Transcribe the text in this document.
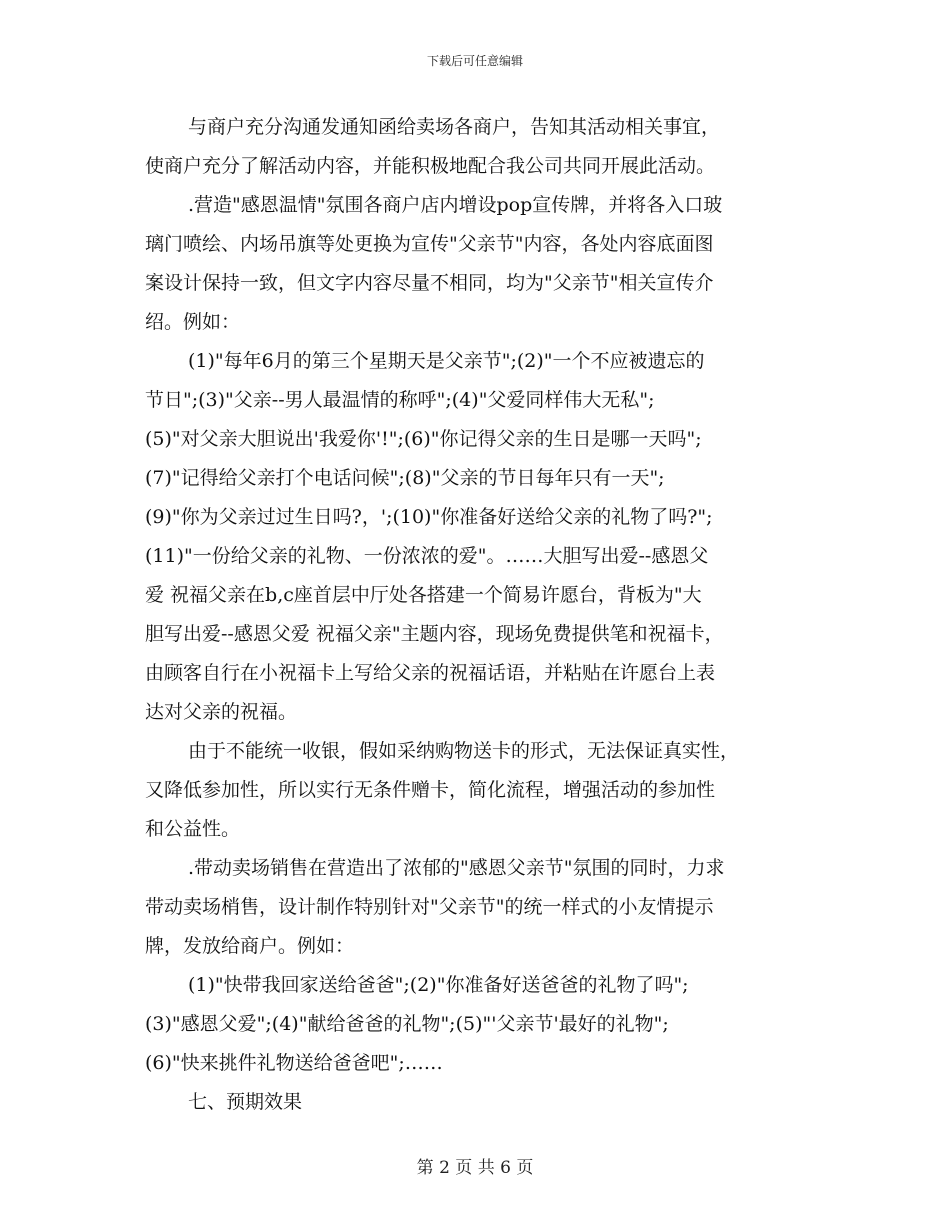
下载后可任意编辑
与商户充分沟通发通知函给卖场各商户，告知其活动相关事宜，
使商户充分了解活动内容，并能积极地配合我公司共同开展此活动。
.营造"感恩温情"氛围各商户店内增设pop宣传牌，并将各入口玻
璃门喷绘、内场吊旗等处更换为宣传"父亲节"内容，各处内容底面图
案设计保持一致，但文字内容尽量不相同，均为"父亲节"相关宣传介
绍。例如：
(1)"每年6月的第三个星期天是父亲节";(2)"一个不应被遗忘的
节日";(3)"父亲--男人最温情的称呼";(4)"父爱同样伟大无私";
(5)"对父亲大胆说出'我爱你'!";(6)"你记得父亲的生日是哪一天吗";
(7)"记得给父亲打个电话问候";(8)"父亲的节日每年只有一天";
(9)"你为父亲过过生日吗?，';(10)"你准备好送给父亲的礼物了吗?";
(11)"一份给父亲的礼物、一份浓浓的爱"。……大胆写出爱--感恩父
爱 祝福父亲在b,c座首层中厅处各搭建一个简易许愿台，背板为"大
胆写出爱--感恩父爱 祝福父亲"主题内容，现场免费提供笔和祝福卡，
由顾客自行在小祝福卡上写给父亲的祝福话语，并粘贴在许愿台上表
达对父亲的祝福。
由于不能统一收银，假如采纳购物送卡的形式，无法保证真实性，
又降低参加性，所以实行无条件赠卡，简化流程，增强活动的参加性
和公益性。
.带动卖场销售在营造出了浓郁的"感恩父亲节"氛围的同时，力求
带动卖场梢售，设计制作特别针对"父亲节"的统一样式的小友情提示
牌，发放给商户。例如：
(1)"快带我回家送给爸爸";(2)"你准备好送爸爸的礼物了吗";
(3)"感恩父爱";(4)"献给爸爸的礼物";(5)"'父亲节'最好的礼物";
(6)"快来挑件礼物送给爸爸吧";……
七、预期效果
第 2 页 共 6 页
